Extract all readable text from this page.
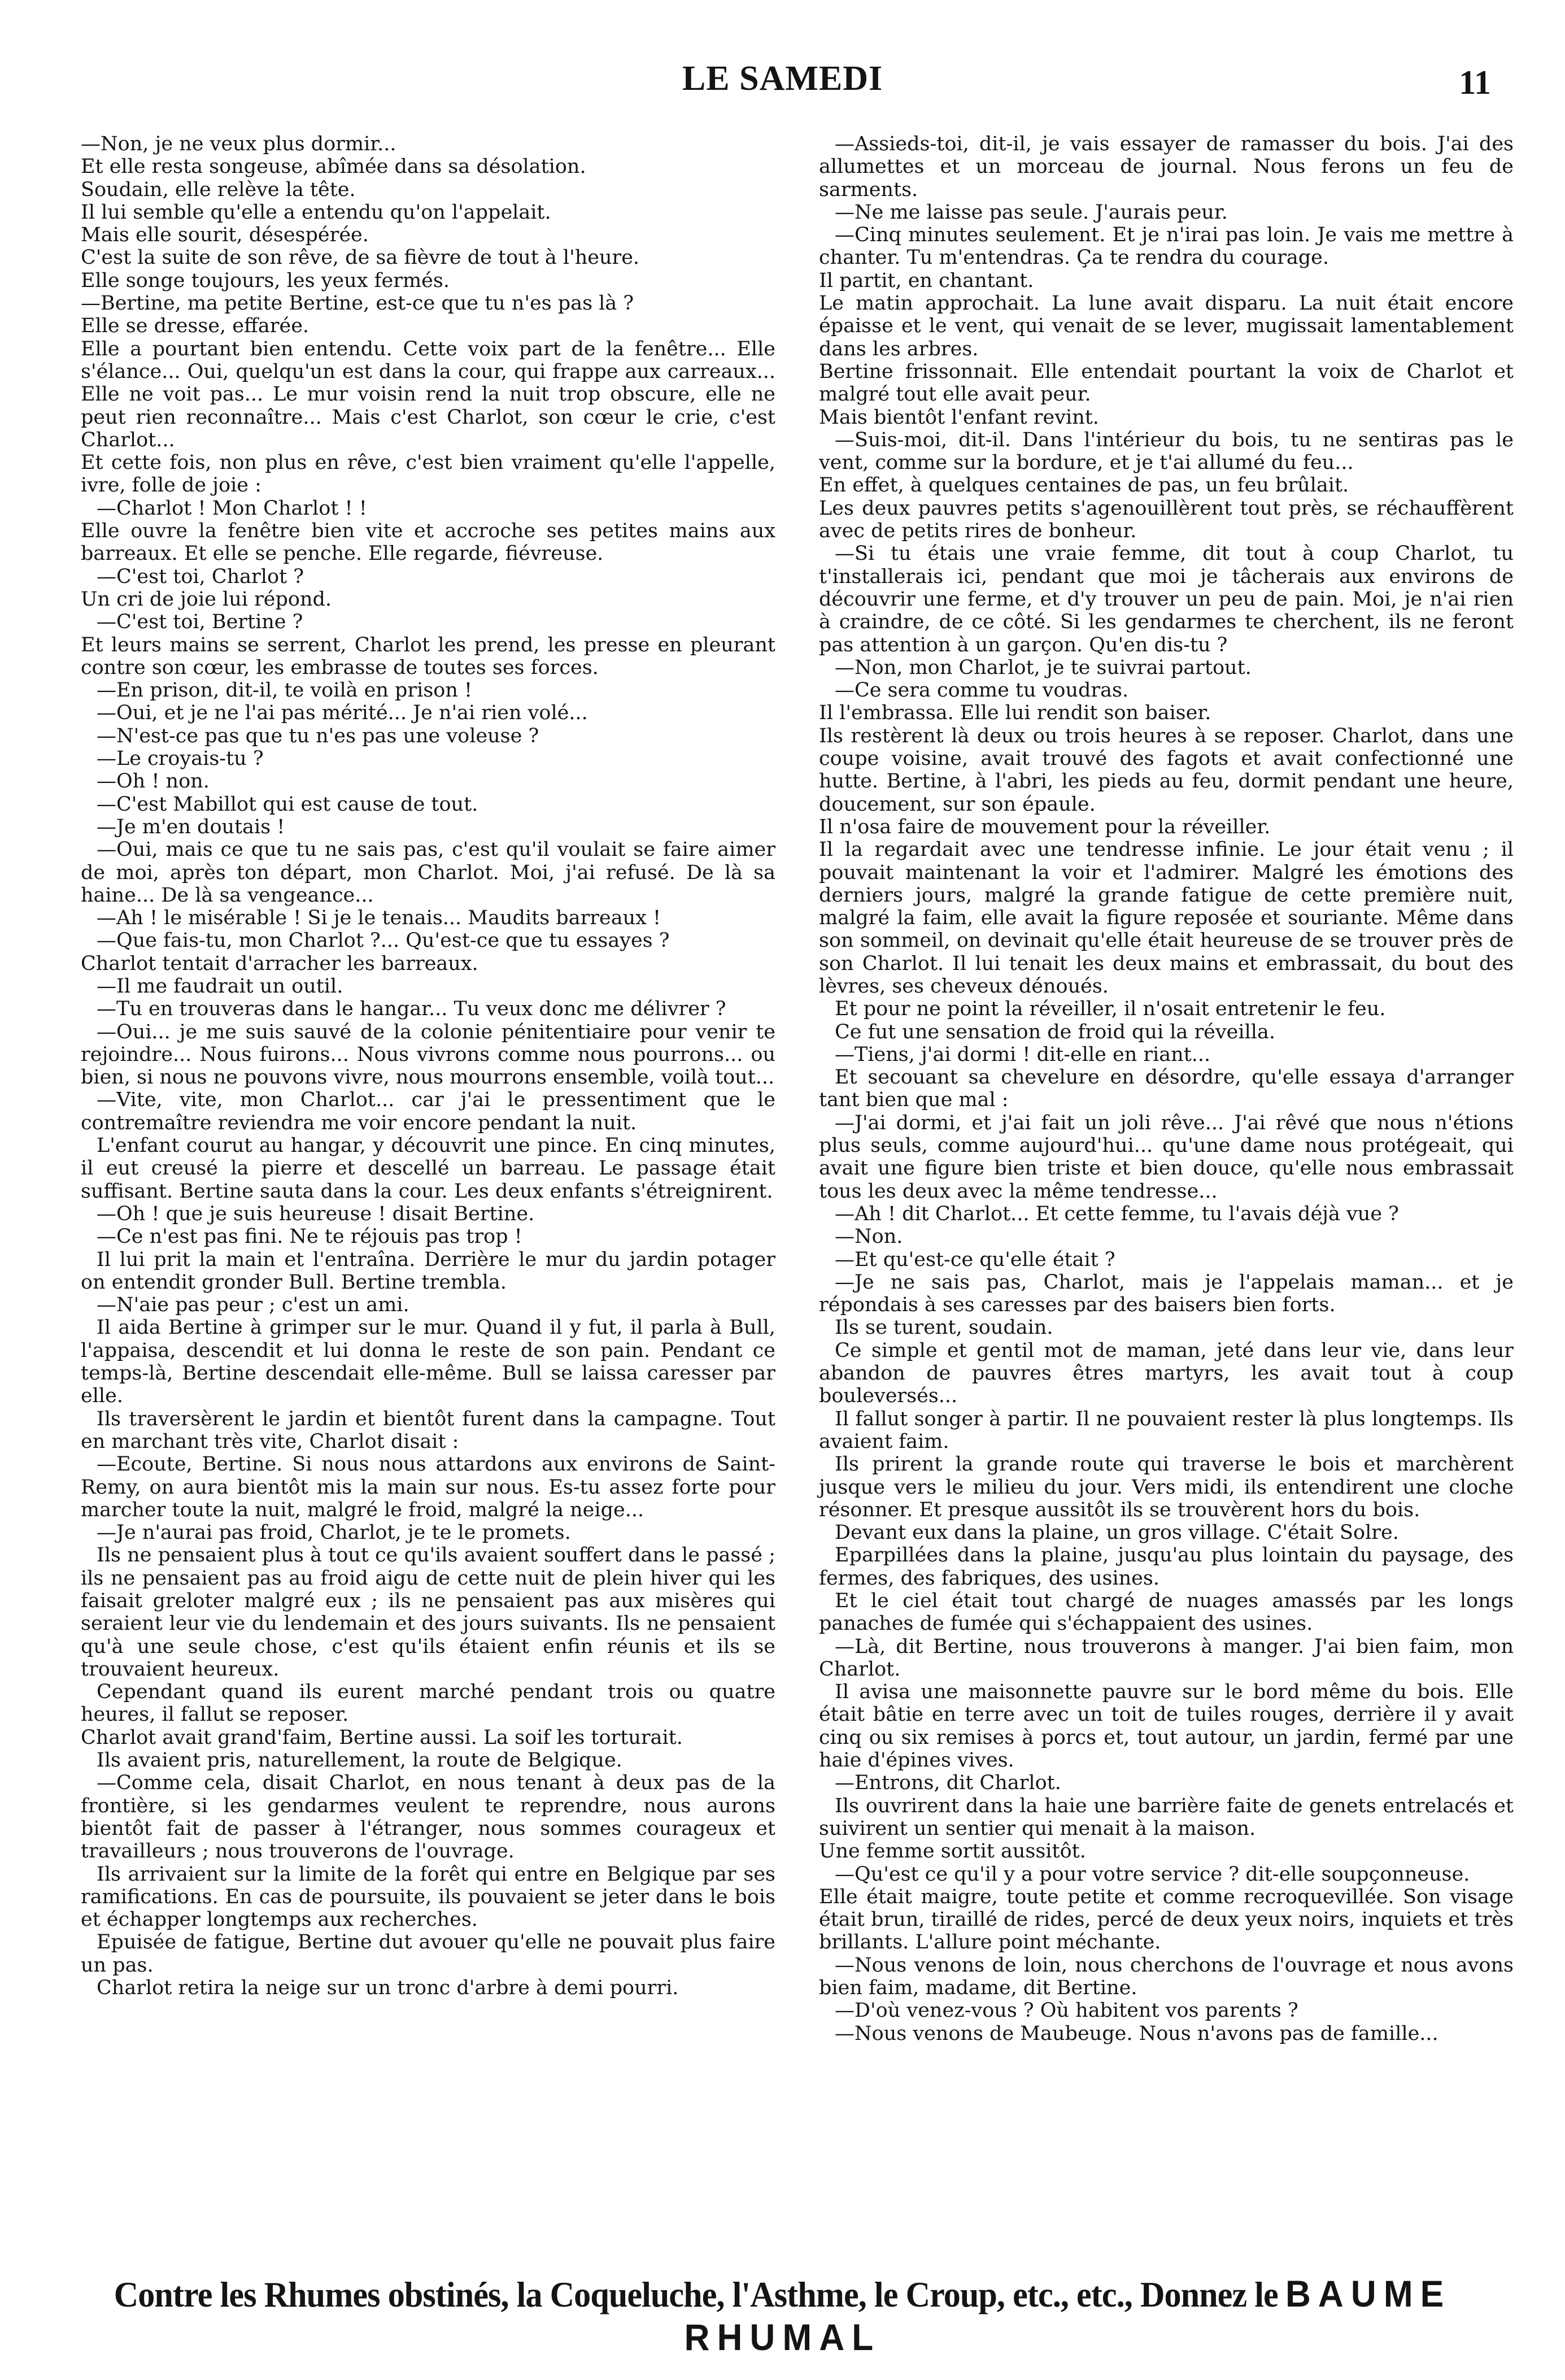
LE SAMEDI	11

—Non, je ne veux plus dormir...

Et elle resta songeuse, abîmée dans sa désolation.

Soudain, elle relève la tête.

Il lui semble qu'elle a entendu qu'on l'appelait.

Mais elle sourit, désespérée.

C'est la suite de son rêve, de sa fièvre de tout à l'heure.

Elle songe toujours, les yeux fermés.

—Bertine, ma petite Bertine, est-ce que tu n'es pas là ?

Elle se dresse, effarée.

Elle a pourtant bien entendu. Cette voix part de la fenêtre... Elle s'élance... Oui, quelqu'un est dans la cour, qui frappe aux carreaux... Elle ne voit pas... Le mur voisin rend la nuit trop obscure, elle ne peut rien reconnaître... Mais c'est Charlot, son cœur le crie, c'est Charlot...

Et cette fois, non plus en rêve, c'est bien vraiment qu'elle l'appelle, ivre, folle de joie :

—Charlot ! Mon Charlot ! !

Elle ouvre la fenêtre bien vite et accroche ses petites mains aux barreaux. Et elle se penche. Elle regarde, fiévreuse.

—C'est toi, Charlot ?

Un cri de joie lui répond.

—C'est toi, Bertine ?

Et leurs mains se serrent, Charlot les prend, les presse en pleurant contre son cœur, les embrasse de toutes ses forces.

—En prison, dit-il, te voilà en prison !

—Oui, et je ne l'ai pas mérité... Je n'ai rien volé...

—N'est-ce pas que tu n'es pas une voleuse ?

—Le croyais-tu ?

—Oh ! non.

—C'est Mabillot qui est cause de tout.

—Je m'en doutais !

—Oui, mais ce que tu ne sais pas, c'est qu'il voulait se faire aimer de moi, après ton départ, mon Charlot. Moi, j'ai refusé. De là sa haine... De là sa vengeance...

—Ah ! le misérable ! Si je le tenais... Maudits barreaux !

—Que fais-tu, mon Charlot ?... Qu'est-ce que tu essayes ?

Charlot tentait d'arracher les barreaux.

—Il me faudrait un outil.

—Tu en trouveras dans le hangar... Tu veux donc me délivrer ?

—Oui... je me suis sauvé de la colonie pénitentiaire pour venir te rejoindre... Nous fuirons... Nous vivrons comme nous pourrons... ou bien, si nous ne pouvons vivre, nous mourrons ensemble, voilà tout...

—Vite, vite, mon Charlot... car j'ai le pressentiment que le contremaître reviendra me voir encore pendant la nuit.

L'enfant courut au hangar, y découvrit une pince. En cinq minutes, il eut creusé la pierre et descellé un barreau. Le passage était suffisant. Bertine sauta dans la cour. Les deux enfants s'étreignirent.

—Oh ! que je suis heureuse ! disait Bertine.

—Ce n'est pas fini. Ne te réjouis pas trop !

Il lui prit la main et l'entraîna. Derrière le mur du jardin potager on entendit gronder Bull. Bertine trembla.

—N'aie pas peur ; c'est un ami.

Il aida Bertine à grimper sur le mur. Quand il y fut, il parla à Bull, l'appaisa, descendit et lui donna le reste de son pain. Pendant ce temps-là, Bertine descendait elle-même. Bull se laissa caresser par elle.

Ils traversèrent le jardin et bientôt furent dans la campagne. Tout en marchant très vite, Charlot disait :

—Ecoute, Bertine. Si nous nous attardons aux environs de Saint-Remy, on aura bientôt mis la main sur nous. Es-tu assez forte pour marcher toute la nuit, malgré le froid, malgré la neige...

—Je n'aurai pas froid, Charlot, je te le promets.

Ils ne pensaient plus à tout ce qu'ils avaient souffert dans le passé ; ils ne pensaient pas au froid aigu de cette nuit de plein hiver qui les faisait greloter malgré eux ; ils ne pensaient pas aux misères qui seraient leur vie du lendemain et des jours suivants. Ils ne pensaient qu'à une seule chose, c'est qu'ils étaient enfin réunis et ils se trouvaient heureux.

Cependant quand ils eurent marché pendant trois ou quatre heures, il fallut se reposer.

Charlot avait grand'faim, Bertine aussi. La soif les torturait.

Ils avaient pris, naturellement, la route de Belgique.

—Comme cela, disait Charlot, en nous tenant à deux pas de la frontière, si les gendarmes veulent te reprendre, nous aurons bientôt fait de passer à l'étranger, nous sommes courageux et travailleurs ; nous trouverons de l'ouvrage.

Ils arrivaient sur la limite de la forêt qui entre en Belgique par ses ramifications. En cas de poursuite, ils pouvaient se jeter dans le bois et échapper longtemps aux recherches.

Epuisée de fatigue, Bertine dut avouer qu'elle ne pouvait plus faire un pas.

Charlot retira la neige sur un tronc d'arbre à demi pourri.

—Assieds-toi, dit-il, je vais essayer de ramasser du bois. J'ai des allumettes et un morceau de journal. Nous ferons un feu de sarments.

—Ne me laisse pas seule. J'aurais peur.

—Cinq minutes seulement. Et je n'irai pas loin. Je vais me mettre à chanter. Tu m'entendras. Ça te rendra du courage.

Il partit, en chantant.

Le matin approchait. La lune avait disparu. La nuit était encore épaisse et le vent, qui venait de se lever, mugissait lamentablement dans les arbres.

Bertine frissonnait. Elle entendait pourtant la voix de Charlot et malgré tout elle avait peur.

Mais bientôt l'enfant revint.

—Suis-moi, dit-il. Dans l'intérieur du bois, tu ne sentiras pas le vent, comme sur la bordure, et je t'ai allumé du feu...

En effet, à quelques centaines de pas, un feu brûlait.

Les deux pauvres petits s'agenouillèrent tout près, se réchauffèrent avec de petits rires de bonheur.

—Si tu étais une vraie femme, dit tout à coup Charlot, tu t'installerais ici, pendant que moi je tâcherais aux environs de découvrir une ferme, et d'y trouver un peu de pain. Moi, je n'ai rien à craindre, de ce côté. Si les gendarmes te cherchent, ils ne feront pas attention à un garçon. Qu'en dis-tu ?

—Non, mon Charlot, je te suivrai partout.

—Ce sera comme tu voudras.

Il l'embrassa. Elle lui rendit son baiser.

Ils restèrent là deux ou trois heures à se reposer. Charlot, dans une coupe voisine, avait trouvé des fagots et avait confectionné une hutte. Bertine, à l'abri, les pieds au feu, dormit pendant une heure, doucement, sur son épaule.

Il n'osa faire de mouvement pour la réveiller.

Il la regardait avec une tendresse infinie. Le jour était venu ; il pouvait maintenant la voir et l'admirer. Malgré les émotions des derniers jours, malgré la grande fatigue de cette première nuit, malgré la faim, elle avait la figure reposée et souriante. Même dans son sommeil, on devinait qu'elle était heureuse de se trouver près de son Charlot. Il lui tenait les deux mains et embrassait, du bout des lèvres, ses cheveux dénoués.

Et pour ne point la réveiller, il n'osait entretenir le feu.

Ce fut une sensation de froid qui la réveilla.

—Tiens, j'ai dormi ! dit-elle en riant...

Et secouant sa chevelure en désordre, qu'elle essaya d'arranger tant bien que mal :

—J'ai dormi, et j'ai fait un joli rêve... J'ai rêvé que nous n'étions plus seuls, comme aujourd'hui... qu'une dame nous protégeait, qui avait une figure bien triste et bien douce, qu'elle nous embrassait tous les deux avec la même tendresse...

—Ah ! dit Charlot... Et cette femme, tu l'avais déjà vue ?

—Non.

—Et qu'est-ce qu'elle était ?

—Je ne sais pas, Charlot, mais je l'appelais maman... et je répondais à ses caresses par des baisers bien forts.

Ils se turent, soudain.

Ce simple et gentil mot de maman, jeté dans leur vie, dans leur abandon de pauvres êtres martyrs, les avait tout à coup bouleversés...

Il fallut songer à partir. Il ne pouvaient rester là plus longtemps. Ils avaient faim.

Ils prirent la grande route qui traverse le bois et marchèrent jusque vers le milieu du jour. Vers midi, ils entendirent une cloche résonner. Et presque aussitôt ils se trouvèrent hors du bois.

Devant eux dans la plaine, un gros village. C'était Solre.

Eparpillées dans la plaine, jusqu'au plus lointain du paysage, des fermes, des fabriques, des usines.

Et le ciel était tout chargé de nuages amassés par les longs panaches de fumée qui s'échappaient des usines.

—Là, dit Bertine, nous trouverons à manger. J'ai bien faim, mon Charlot.

Il avisa une maisonnette pauvre sur le bord même du bois. Elle était bâtie en terre avec un toit de tuiles rouges, derrière il y avait cinq ou six remises à porcs et, tout autour, un jardin, fermé par une haie d'épines vives.

—Entrons, dit Charlot.

Ils ouvrirent dans la haie une barrière faite de genets entrelacés et suivirent un sentier qui menait à la maison.

Une femme sortit aussitôt.

—Qu'est ce qu'il y a pour votre service ? dit-elle soupçonneuse.

Elle était maigre, toute petite et comme recroquevillée. Son visage était brun, tiraillé de rides, percé de deux yeux noirs, inquiets et très brillants. L'allure point méchante.

—Nous venons de loin, nous cherchons de l'ouvrage et nous avons bien faim, madame, dit Bertine.

—D'où venez-vous ? Où habitent vos parents ?

—Nous venons de Maubeuge. Nous n'avons pas de famille...

Contre les Rhumes obstinés, la Coqueluche, l'Asthme, le Croup, etc., etc., Donnez le BAUME RHUMAL
